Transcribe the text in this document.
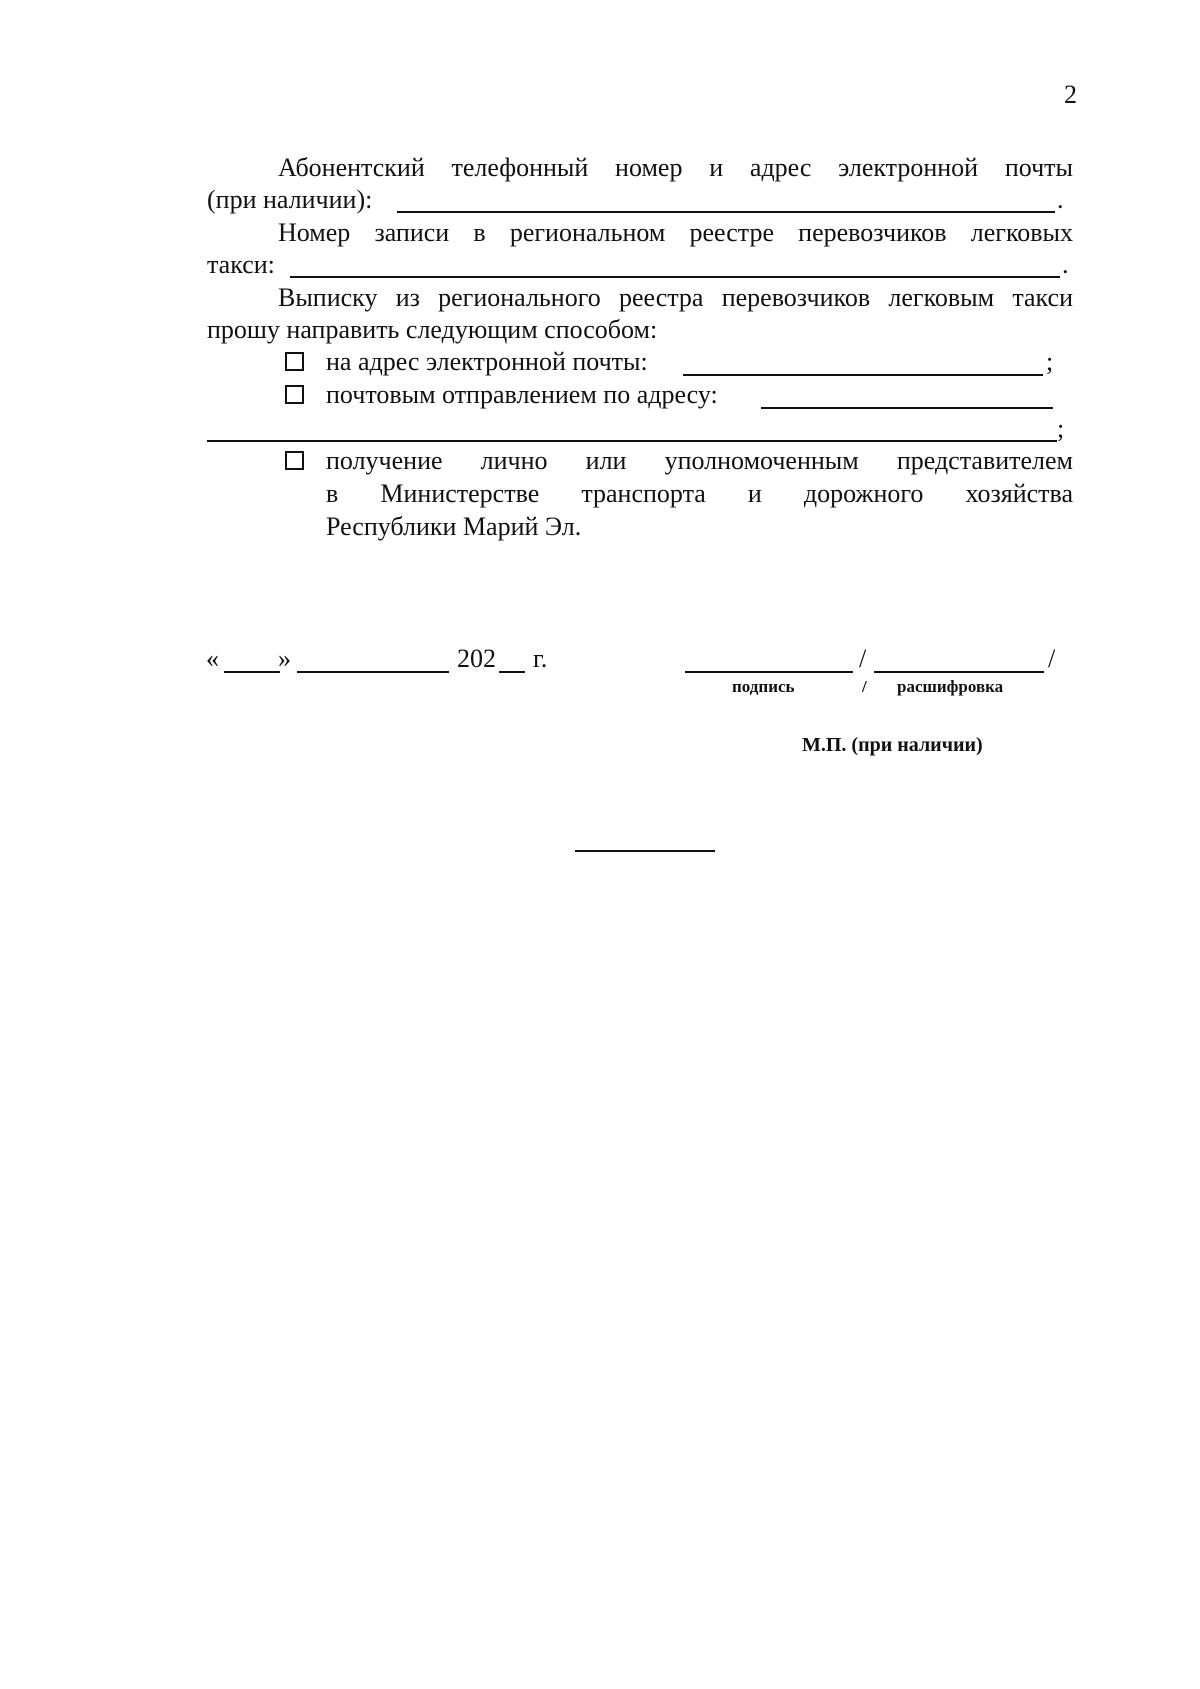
2
Абонентский телефонный номер и адрес электронной почты
(при наличии):	.
Номер записи в региональном реестре перевозчиков легковых
такси:	.
Выписку из регионального реестра перевозчиков легковым такси
прошу направить следующим способом:
на адрес электронной почты:	;
почтовым отправлением по адресу:
;
получение лично или уполномоченным представителем
в Министерстве транспорта и дорожного хозяйства
Республики Марий Эл.
« »	202 г.	/	/
подпись	/ расшифровка
М.П. (при наличии)
